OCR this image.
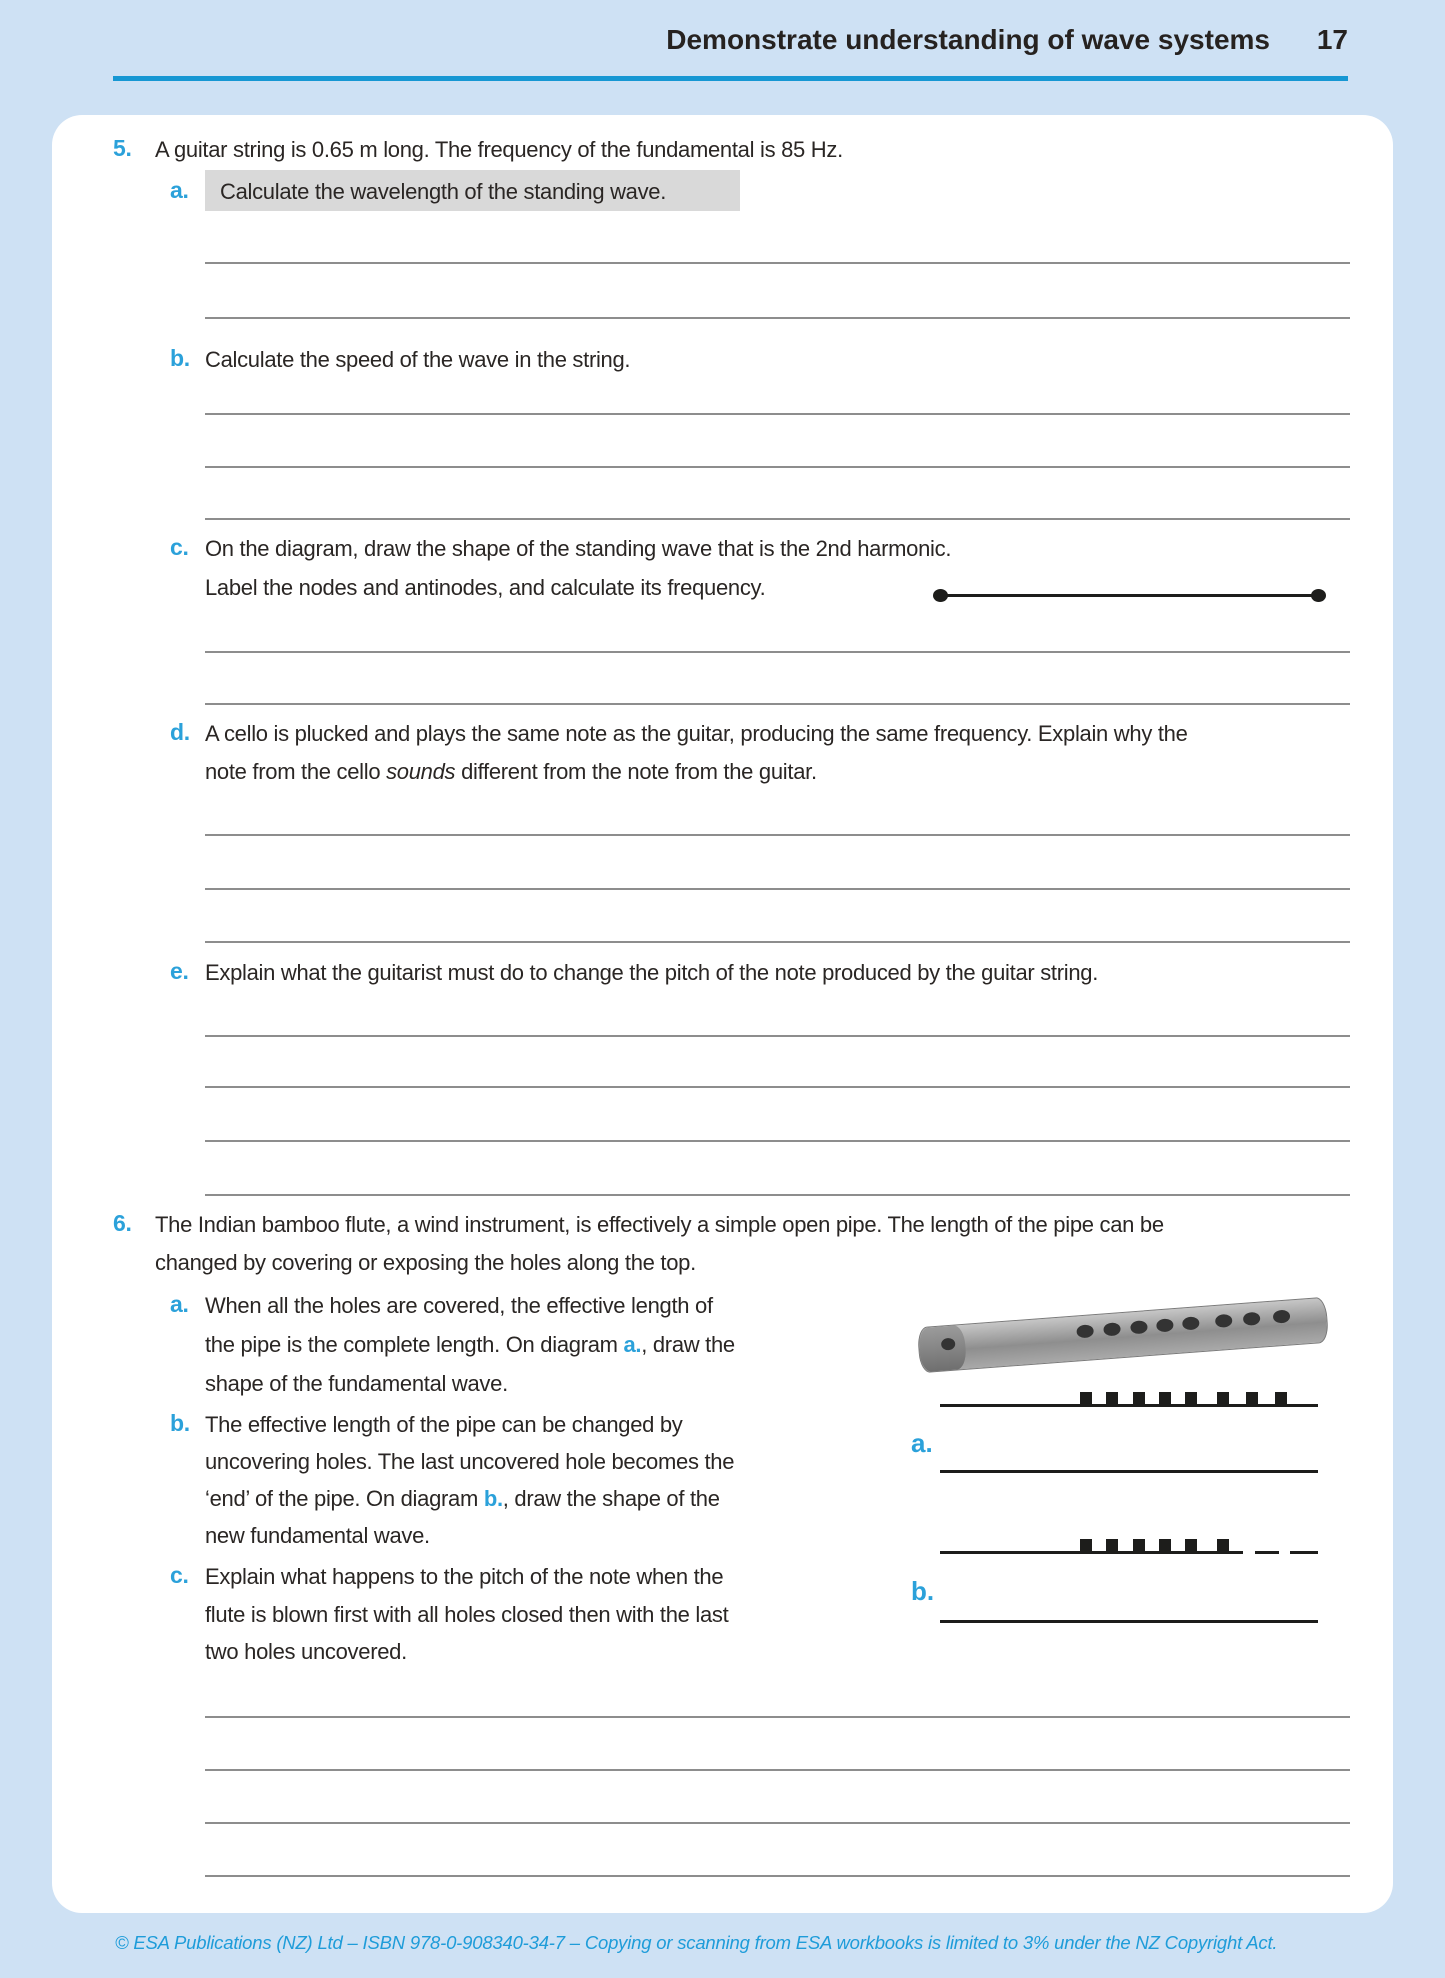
Demonstrate understanding of wave systems 17
5. A guitar string is 0.65 m long. The frequency of the fundamental is 85 Hz.
a. Calculate the wavelength of the standing wave.
b. Calculate the speed of the wave in the string.
c. On the diagram, draw the shape of the standing wave that is the 2nd harmonic.
Label the nodes and antinodes, and calculate its frequency.
d. A cello is plucked and plays the same note as the guitar, producing the same frequency. Explain why the
note from the cello sounds different from the note from the guitar.
e. Explain what the guitarist must do to change the pitch of the note produced by the guitar string.
6. The Indian bamboo flute, a wind instrument, is effectively a simple open pipe. The length of the pipe can be
changed by covering or exposing the holes along the top.
a. When all the holes are covered, the effective length of
the pipe is the complete length. On diagram a., draw the
shape of the fundamental wave.
b. The effective length of the pipe can be changed by
uncovering holes. The last uncovered hole becomes the
‘end’ of the pipe. On diagram b., draw the shape of the
new fundamental wave.
c. Explain what happens to the pitch of the note when the
flute is blown first with all holes closed then with the last
two holes uncovered.
a.
b.
© ESA Publications (NZ) Ltd – ISBN 978-0-908340-34-7 – Copying or scanning from ESA workbooks is limited to 3% under the NZ Copyright Act.
